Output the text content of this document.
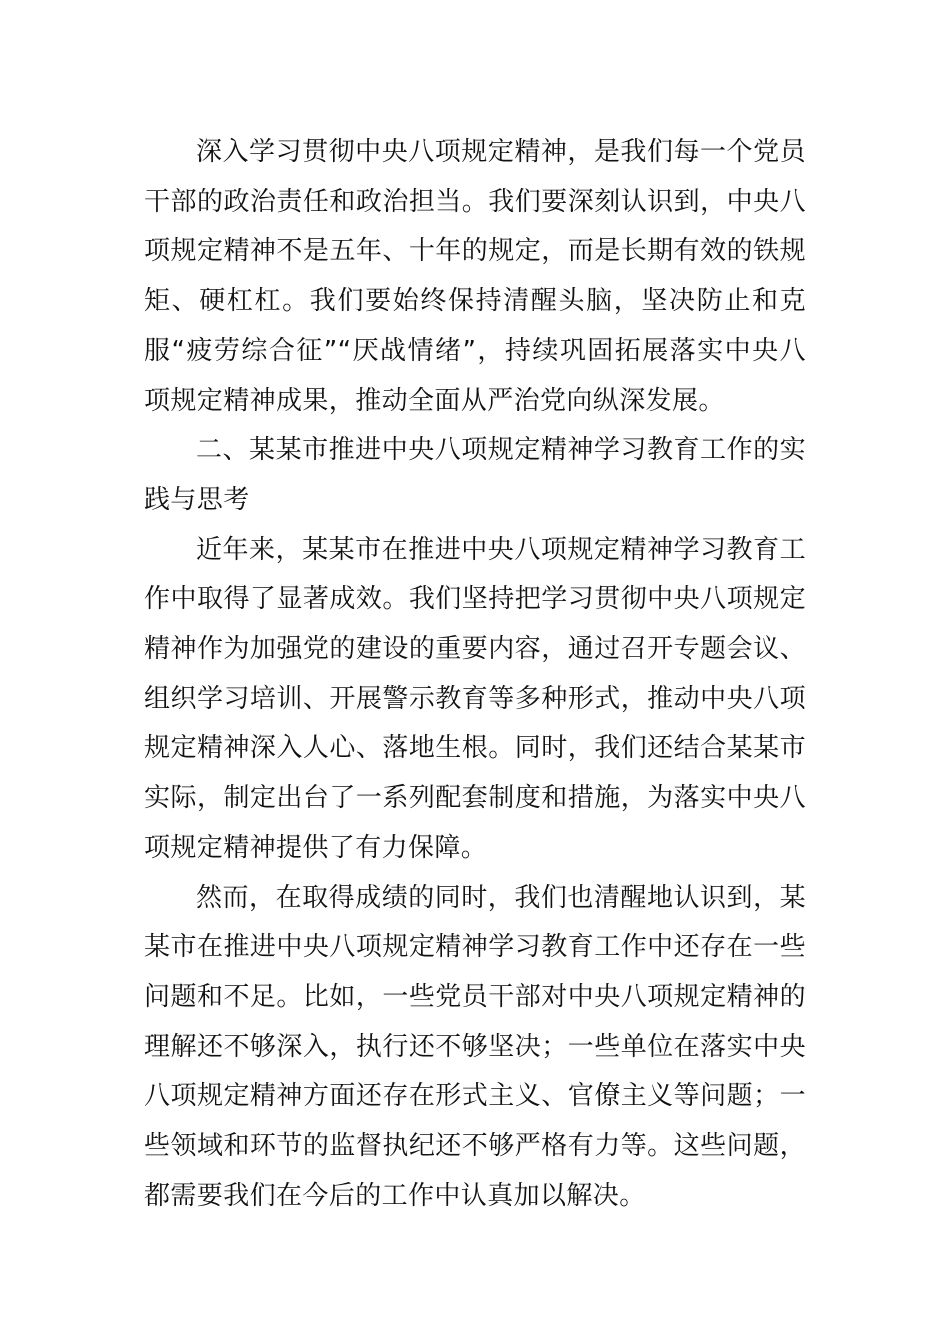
深入学习贯彻中央八项规定精神，是我们每一个党员干部的政治责任和政治担当。我们要深刻认识到，中央八项规定精神不是五年、十年的规定，而是长期有效的铁规矩、硬杠杠。我们要始终保持清醒头脑，坚决防止和克服“疲劳综合征”“厌战情绪”，持续巩固拓展落实中央八项规定精神成果，推动全面从严治党向纵深发展。

二、某某市推进中央八项规定精神学习教育工作的实践与思考

近年来，某某市在推进中央八项规定精神学习教育工作中取得了显著成效。我们坚持把学习贯彻中央八项规定精神作为加强党的建设的重要内容，通过召开专题会议、组织学习培训、开展警示教育等多种形式，推动中央八项规定精神深入人心、落地生根。同时，我们还结合某某市实际，制定出台了一系列配套制度和措施，为落实中央八项规定精神提供了有力保障。

然而，在取得成绩的同时，我们也清醒地认识到，某某市在推进中央八项规定精神学习教育工作中还存在一些问题和不足。比如，一些党员干部对中央八项规定精神的理解还不够深入，执行还不够坚决；一些单位在落实中央八项规定精神方面还存在形式主义、官僚主义等问题；一些领域和环节的监督执纪还不够严格有力等。这些问题，都需要我们在今后的工作中认真加以解决。
